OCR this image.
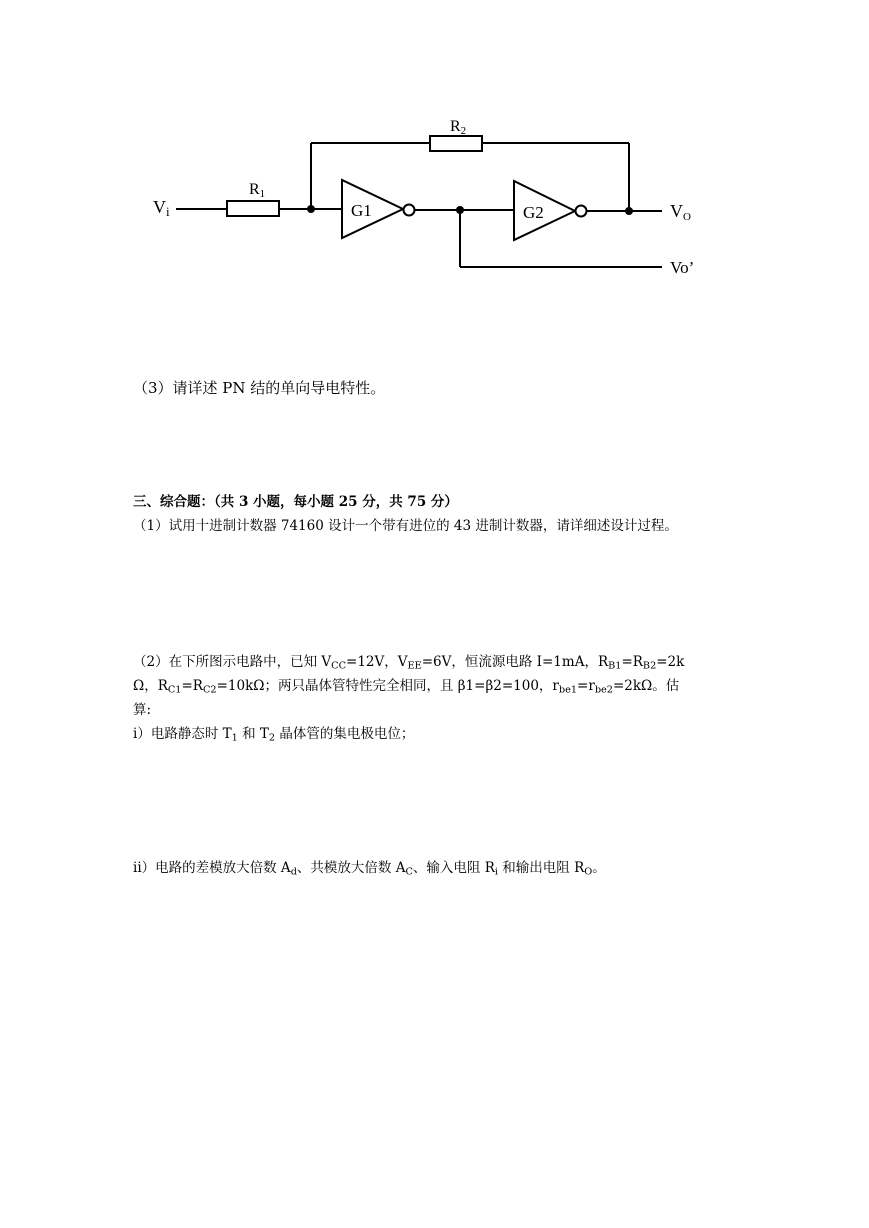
Vi
R1
R2
G1	G2	VO
Vo’
（3）请详述 PN 结的单向导电特性。
三、综合题：（共 3 小题，每小题 25 分，共 75 分）
（1）试用十进制计数器 74160 设计一个带有进位的 43 进制计数器，请详细述设计过程。
（2）在下所图示电路中，已知 $V_{CC}=12V$，$V_{EE}=6V$，恒流源电路 I=1mA，$R_{B1}=R_{B2}=2k$
Ω，$R_{C1}=R_{C2}=10k\Omega$；两只晶体管特性完全相同，且 β1=β2=100，$r_{be1}=r_{be2}=2k\Omega$。估
算:
i）电路静态时 $T_1$ 和 $T_2$ 晶体管的集电极电位；
ii）电路的差模放大倍数 $A_d$、共模放大倍数 $A_C$、输入电阻 $R_i$ 和输出电阻 $R_O$。
